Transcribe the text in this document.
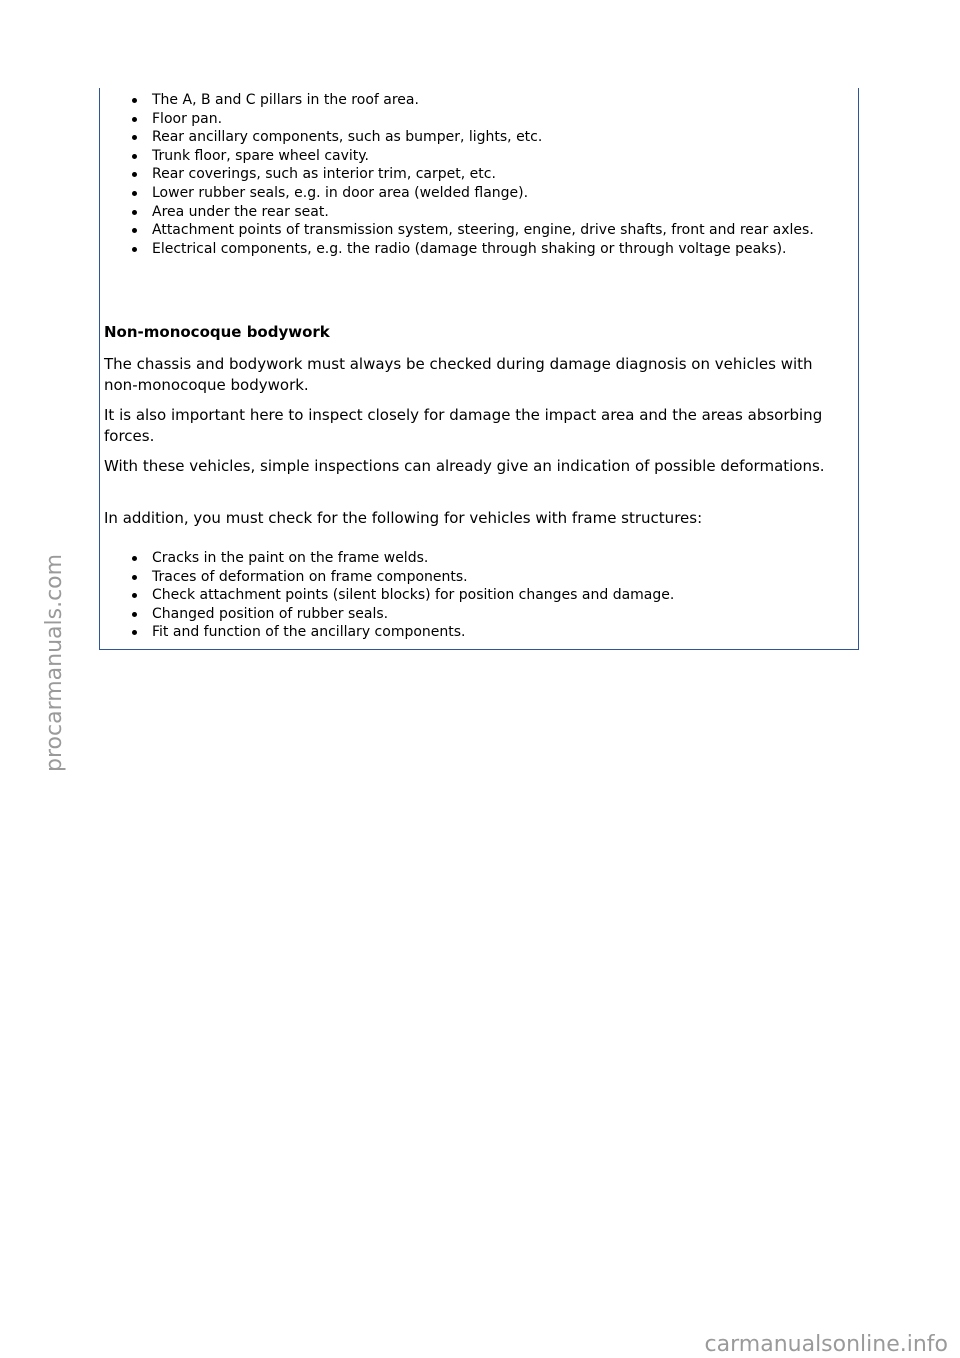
The A, B and C pillars in the roof area.
Floor pan.
Rear ancillary components, such as bumper, lights, etc.
Trunk floor, spare wheel cavity.
Rear coverings, such as interior trim, carpet, etc.
Lower rubber seals, e.g. in door area (welded flange).
Area under the rear seat.
Attachment points of transmission system, steering, engine, drive shafts, front and rear axles.
Electrical components, e.g. the radio (damage through shaking or through voltage peaks).
Non-monocoque bodywork

The chassis and bodywork must always be checked during damage diagnosis on vehicles with non-monocoque bodywork.

It is also important here to inspect closely for damage the impact area and the areas absorbing forces.

With these vehicles, simple inspections can already give an indication of possible deformations.

In addition, you must check for the following for vehicles with frame structures:

Cracks in the paint on the frame welds.
Traces of deformation on frame components.
Check attachment points (silent blocks) for position changes and damage.
Changed position of rubber seals.
Fit and function of the ancillary components.
procarmanuals.com
carmanualsonline.info
